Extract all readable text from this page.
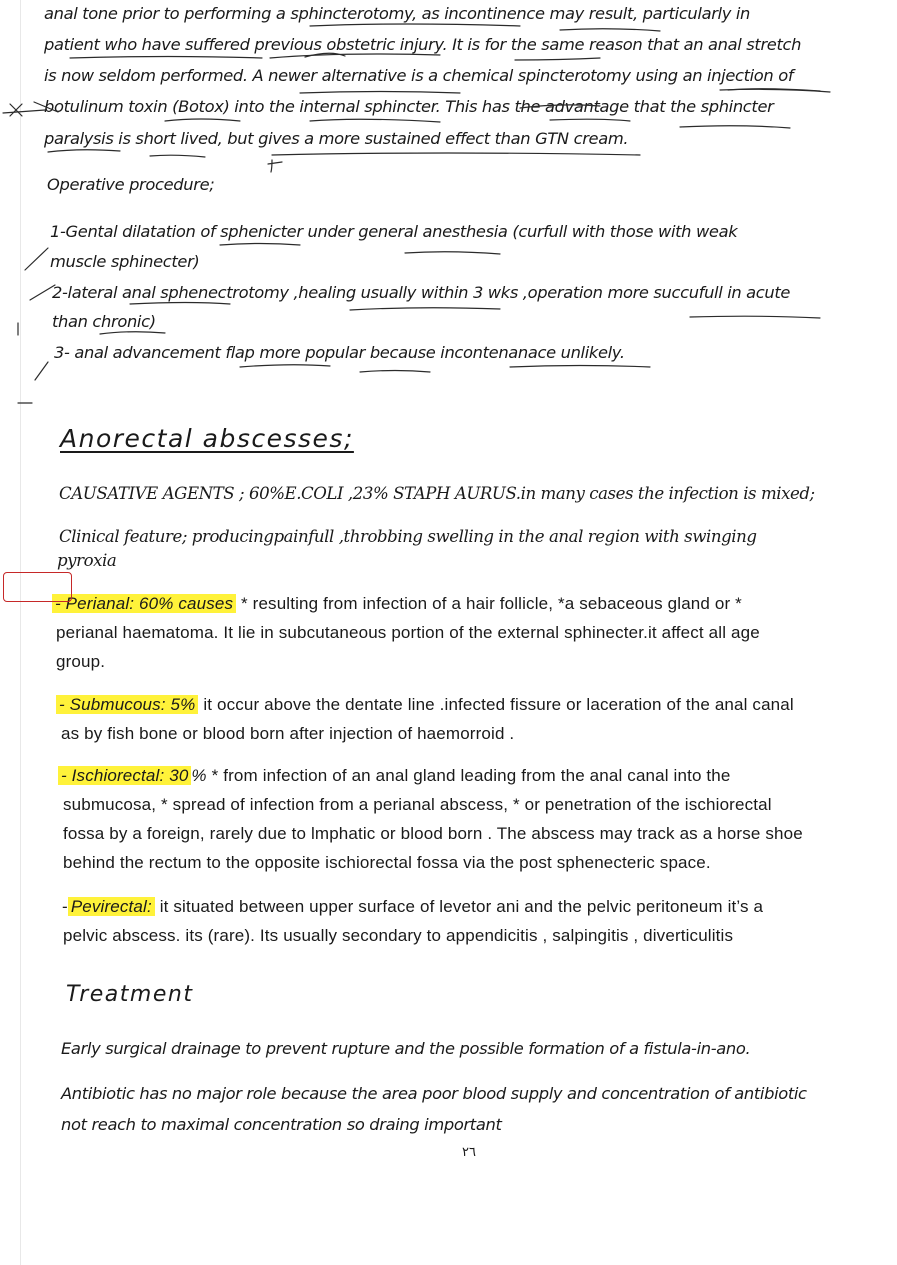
anal tone prior to performing a sphincterotomy, as incontinence may result, particularly in
patient who have suffered previous obstetric injury. It is for the same reason that an anal stretch
is now seldom performed. A newer alternative is a chemical spincterotomy using an injection of
botulinum toxin (Botox) into the internal sphincter. This has the advantage that the sphincter
paralysis is short lived, but gives a more sustained effect than GTN cream.
Operative procedure;
1-Gental dilatation of sphenicter under general anesthesia (curfull with those with weak
muscle sphinecter)
2-lateral anal sphenectrotomy ,healing usually within 3 wks ,operation more succufull in acute
than chronic)
3- anal advancement flap more popular because incontenanace unlikely.
Anorectal abscesses;
CAUSATIVE AGENTS ; 60%E.COLI ,23% STAPH AURUS.in many cases the infection is mixed;
Clinical feature; producingpainfull ,throbbing swelling in the anal region with swinging
pyroxia
- Perianal: 60% causes * resulting from infection of a hair follicle, *a sebaceous gland or *
perianal haematoma. It lie in subcutaneous portion of the external sphinecter.it affect all age
group.
- Submucous: 5% it occur above the dentate line .infected fissure or laceration of the anal canal
as by fish bone or blood born after injection of haemorroid .
- Ischiorectal: 30 % * from infection of an anal gland leading from the anal canal into the
submucosa, * spread of infection from a perianal abscess, * or penetration of the ischiorectal
fossa by a foreign, rarely due to lmphatic or blood born . The abscess may track as a horse shoe
behind the rectum to the opposite ischiorectal fossa via the post sphenecteric space.
- Pevirectal: it situated between upper surface of levetor ani and the pelvic peritoneum it’s a
pelvic abscess. its (rare). Its usually secondary to appendicitis , salpingitis , diverticulitis
Treatment
Early surgical drainage to prevent rupture and the possible formation of a fistula-in-ano.
Antibiotic has no major role because the area poor blood supply and concentration of antibiotic
not reach to maximal concentration so draing important
٢٦
